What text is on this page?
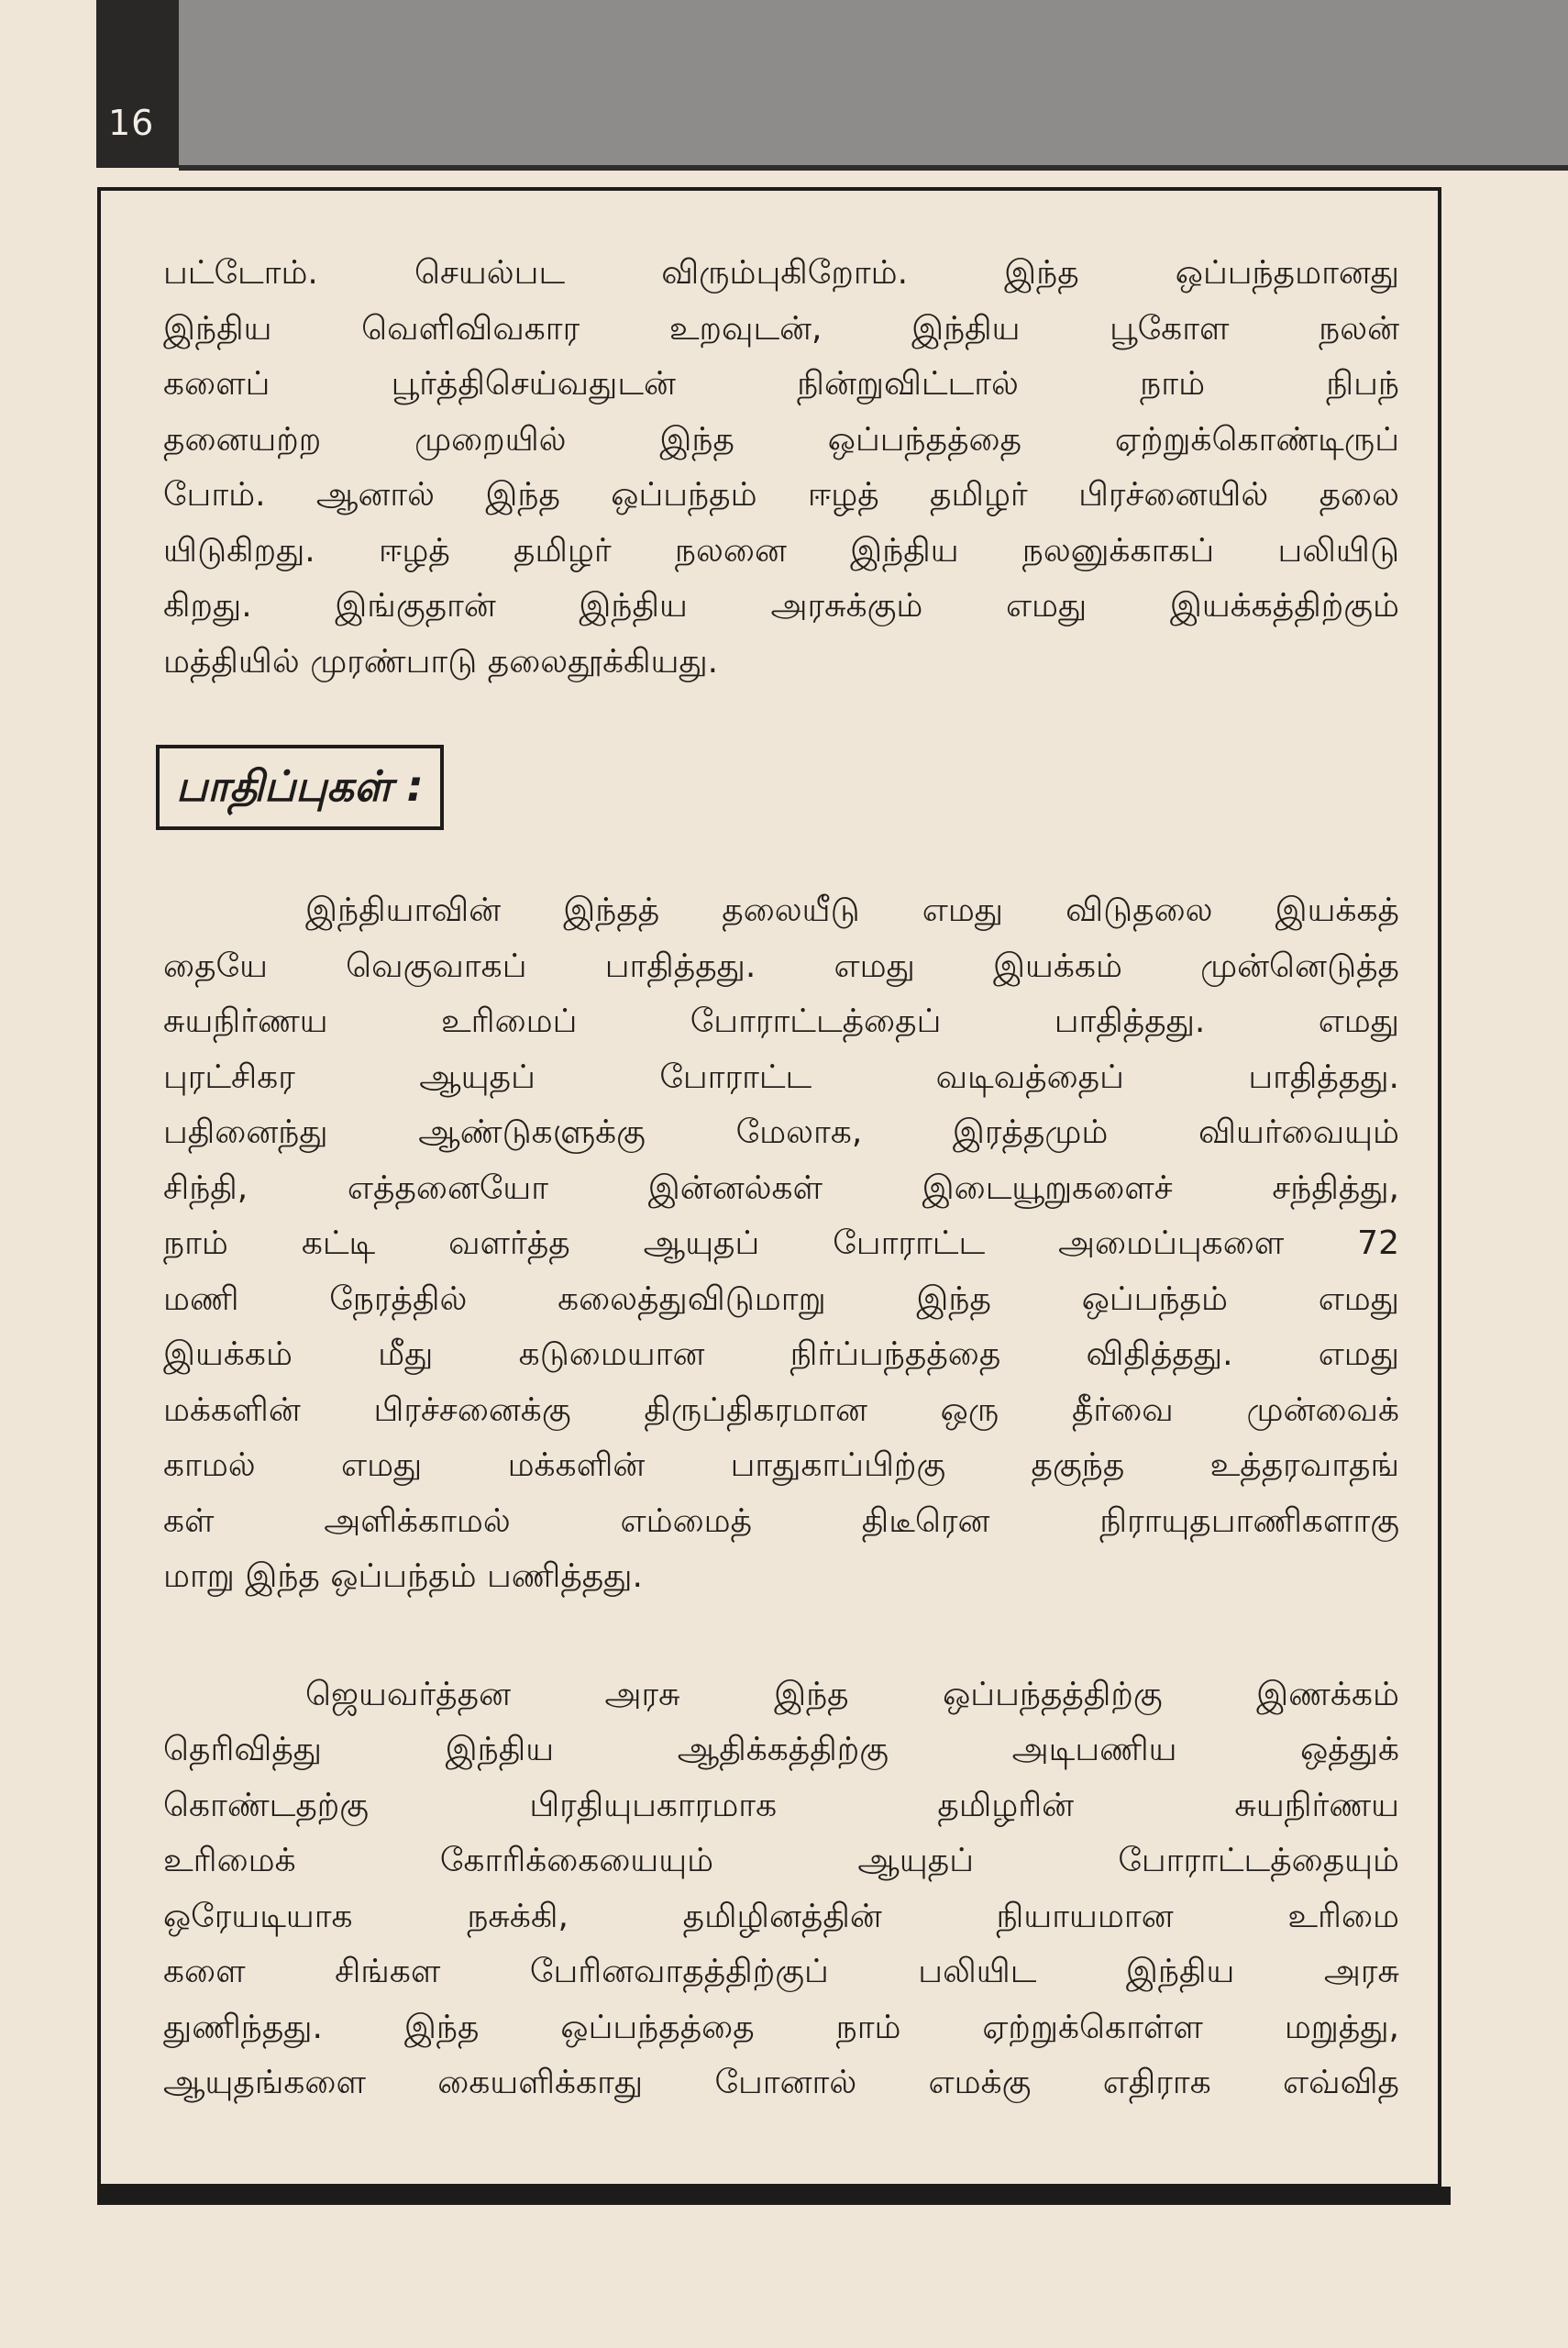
16

பட்டோம். செயல்பட விரும்புகிறோம். இந்த ஒப்பந்தமானது
இந்திய வெளிவிவகார உறவுடன், இந்திய பூகோள நலன்
களைப் பூர்த்திசெய்வதுடன் நின்றுவிட்டால் நாம் நிபந்
தனையற்ற முறையில் இந்த ஒப்பந்தத்தை ஏற்றுக்கொண்டிருப்
போம். ஆனால் இந்த ஒப்பந்தம் ஈழத் தமிழர் பிரச்னையில் தலை
யிடுகிறது. ஈழத் தமிழர் நலனை இந்திய நலனுக்காகப் பலியிடு
கிறது. இங்குதான் இந்திய அரசுக்கும் எமது இயக்கத்திற்கும்
மத்தியில் முரண்பாடு தலைதூக்கியது.

பாதிப்புகள் :

இந்தியாவின் இந்தத் தலையீடு எமது விடுதலை இயக்கத்
தையே வெகுவாகப் பாதித்தது. எமது இயக்கம் முன்னெடுத்த
சுயநிர்ணய உரிமைப் போராட்டத்தைப் பாதித்தது. எமது
புரட்சிகர ஆயுதப் போராட்ட வடிவத்தைப் பாதித்தது.
பதினைந்து ஆண்டுகளுக்கு மேலாக, இரத்தமும் வியர்வையும்
சிந்தி, எத்தனையோ இன்னல்கள் இடையூறுகளைச் சந்தித்து,
நாம் கட்டி வளர்த்த ஆயுதப் போராட்ட அமைப்புகளை 72
மணி நேரத்தில் கலைத்துவிடுமாறு இந்த ஒப்பந்தம் எமது
இயக்கம் மீது கடுமையான நிர்ப்பந்தத்தை விதித்தது. எமது
மக்களின் பிரச்சனைக்கு திருப்திகரமான ஒரு தீர்வை முன்வைக்
காமல் எமது மக்களின் பாதுகாப்பிற்கு தகுந்த உத்தரவாதங்
கள் அளிக்காமல் எம்மைத் திடீரென நிராயுதபாணிகளாகு
மாறு இந்த ஒப்பந்தம் பணித்தது.

ஜெயவர்த்தன அரசு இந்த ஒப்பந்தத்திற்கு இணக்கம்
தெரிவித்து இந்திய ஆதிக்கத்திற்கு அடிபணிய ஒத்துக்
கொண்டதற்கு பிரதியுபகாரமாக தமிழரின் சுயநிர்ணய
உரிமைக் கோரிக்கையையும் ஆயுதப் போராட்டத்தையும்
ஒரேயடியாக நசுக்கி, தமிழினத்தின் நியாயமான உரிமை
களை சிங்கள பேரினவாதத்திற்குப் பலியிட இந்திய அரசு
துணிந்தது. இந்த ஒப்பந்தத்தை நாம் ஏற்றுக்கொள்ள மறுத்து,
ஆயுதங்களை கையளிக்காது போனால் எமக்கு எதிராக எவ்வித
